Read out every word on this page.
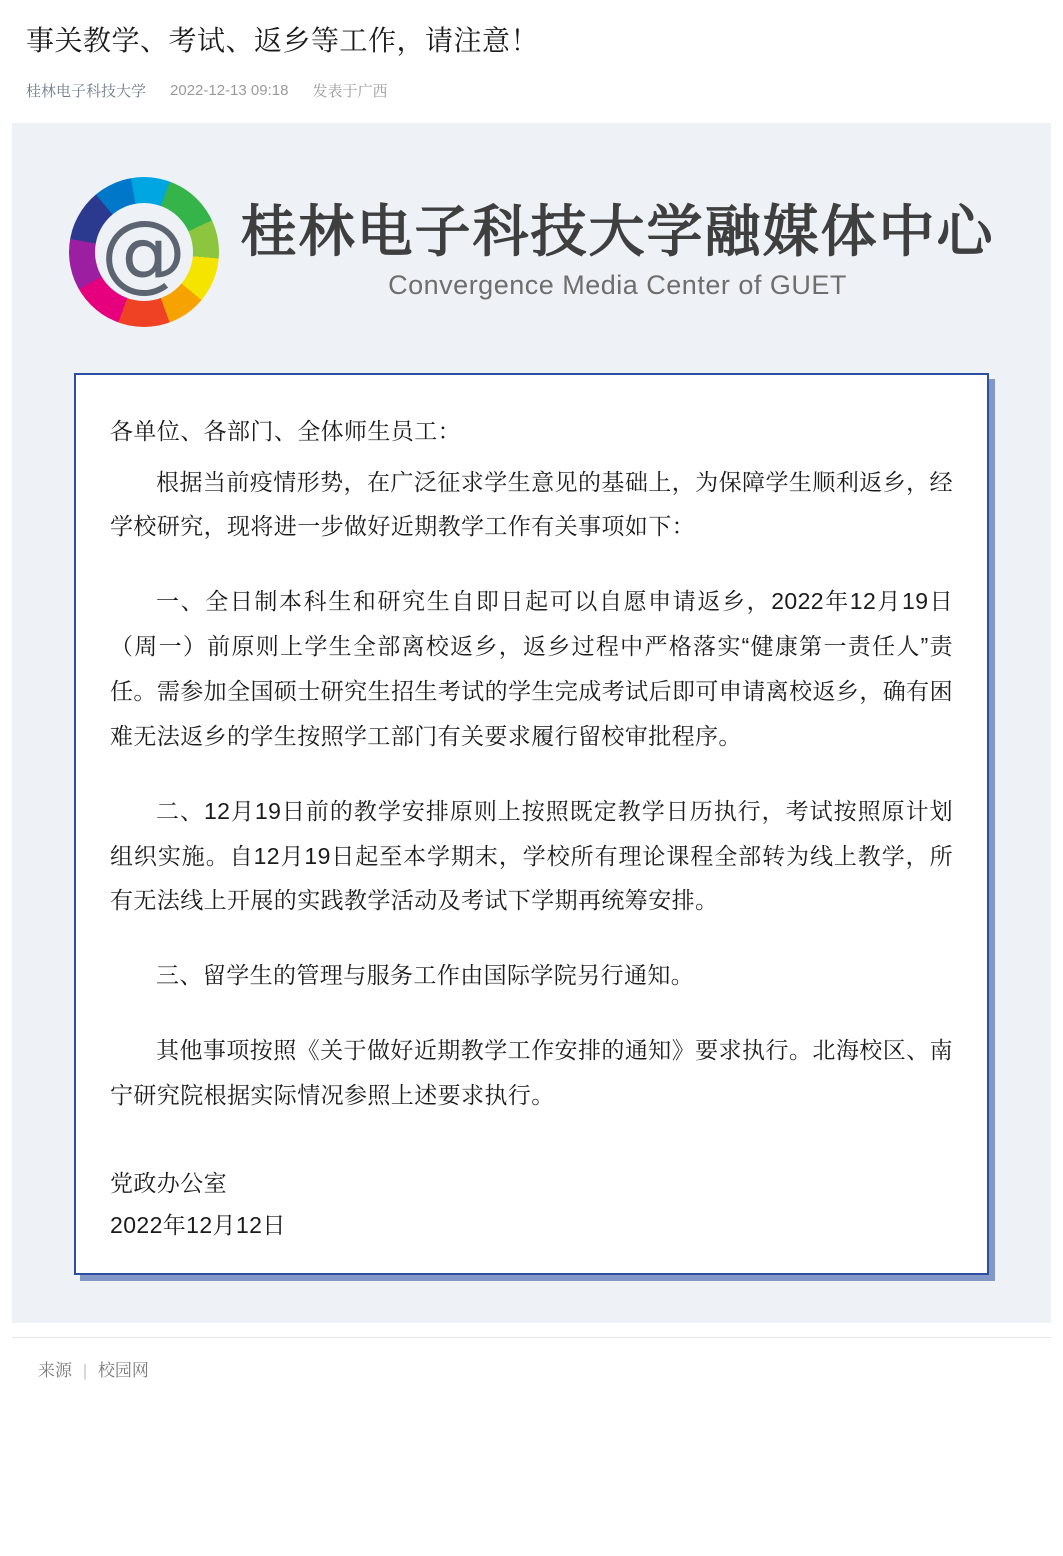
事关教学、考试、返乡等工作，请注意！
桂林电子科技大学 2022-12-13 09:18 发表于广西
@
桂林电子科技大学融媒体中心
Convergence Media Center of GUET

各单位、各部门、全体师生员工：

根据当前疫情形势，在广泛征求学生意见的基础上，为保障学生顺利返乡，经学校研究，现将进一步做好近期教学工作有关事项如下：

一、全日制本科生和研究生自即日起可以自愿申请返乡，2022年12月19日（周一）前原则上学生全部离校返乡，返乡过程中严格落实“健康第一责任人”责任。需参加全国硕士研究生招生考试的学生完成考试后即可申请离校返乡，确有困难无法返乡的学生按照学工部门有关要求履行留校审批程序。

二、12月19日前的教学安排原则上按照既定教学日历执行，考试按照原计划组织实施。自12月19日起至本学期末，学校所有理论课程全部转为线上教学，所有无法线上开展的实践教学活动及考试下学期再统筹安排。

三、留学生的管理与服务工作由国际学院另行通知。

其他事项按照《关于做好近期教学工作安排的通知》要求执行。北海校区、南宁研究院根据实际情况参照上述要求执行。

党政办公室

2022年12月12日

来源 | 校园网
